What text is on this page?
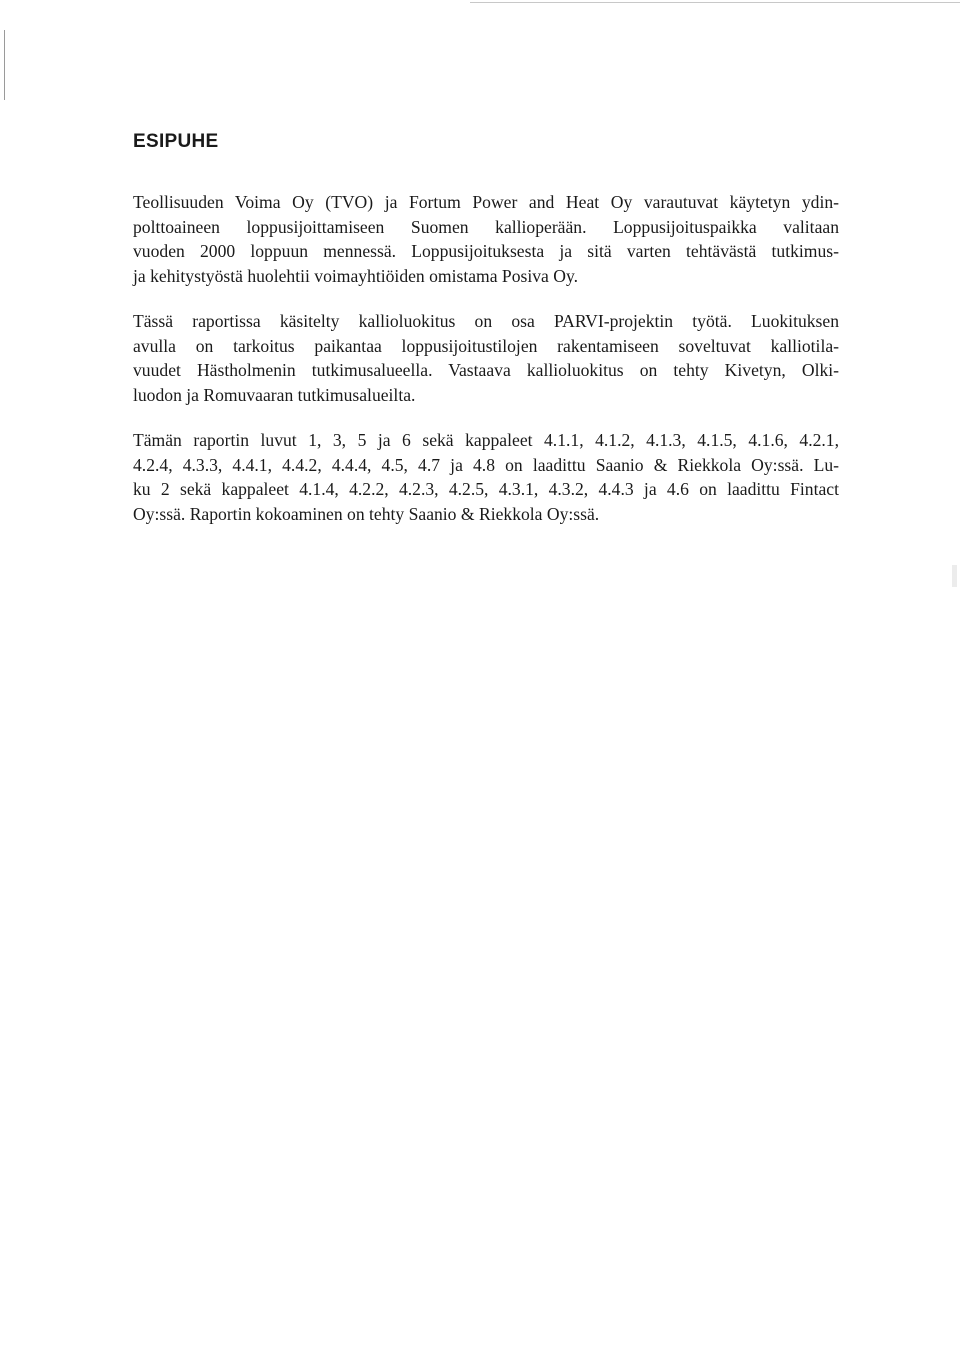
ESIPUHE

Teollisuuden Voima Oy (TVO) ja Fortum Power and Heat Oy varautuvat käytetyn ydin-
polttoaineen loppusijoittamiseen Suomen kallioperään. Loppusijoituspaikka valitaan
vuoden 2000 loppuun mennessä. Loppusijoituksesta ja sitä varten tehtävästä tutkimus-
ja kehitystyöstä huolehtii voimayhtiöiden omistama Posiva Oy.

Tässä raportissa käsitelty kallioluokitus on osa PARVI-projektin työtä. Luokituksen
avulla on tarkoitus paikantaa loppusijoitustilojen rakentamiseen soveltuvat kalliotila-
vuudet Hästholmenin tutkimusalueella. Vastaava kallioluokitus on tehty Kivetyn, Olki-
luodon ja Romuvaaran tutkimusalueilta.

Tämän raportin luvut 1, 3, 5 ja 6 sekä kappaleet 4.1.1, 4.1.2, 4.1.3, 4.1.5, 4.1.6, 4.2.1,
4.2.4, 4.3.3, 4.4.1, 4.4.2, 4.4.4, 4.5, 4.7 ja 4.8 on laadittu Saanio & Riekkola Oy:ssä. Lu-
ku 2 sekä kappaleet 4.1.4, 4.2.2, 4.2.3, 4.2.5, 4.3.1, 4.3.2, 4.4.3 ja 4.6 on laadittu Fintact
Oy:ssä. Raportin kokoaminen on tehty Saanio & Riekkola Oy:ssä.
